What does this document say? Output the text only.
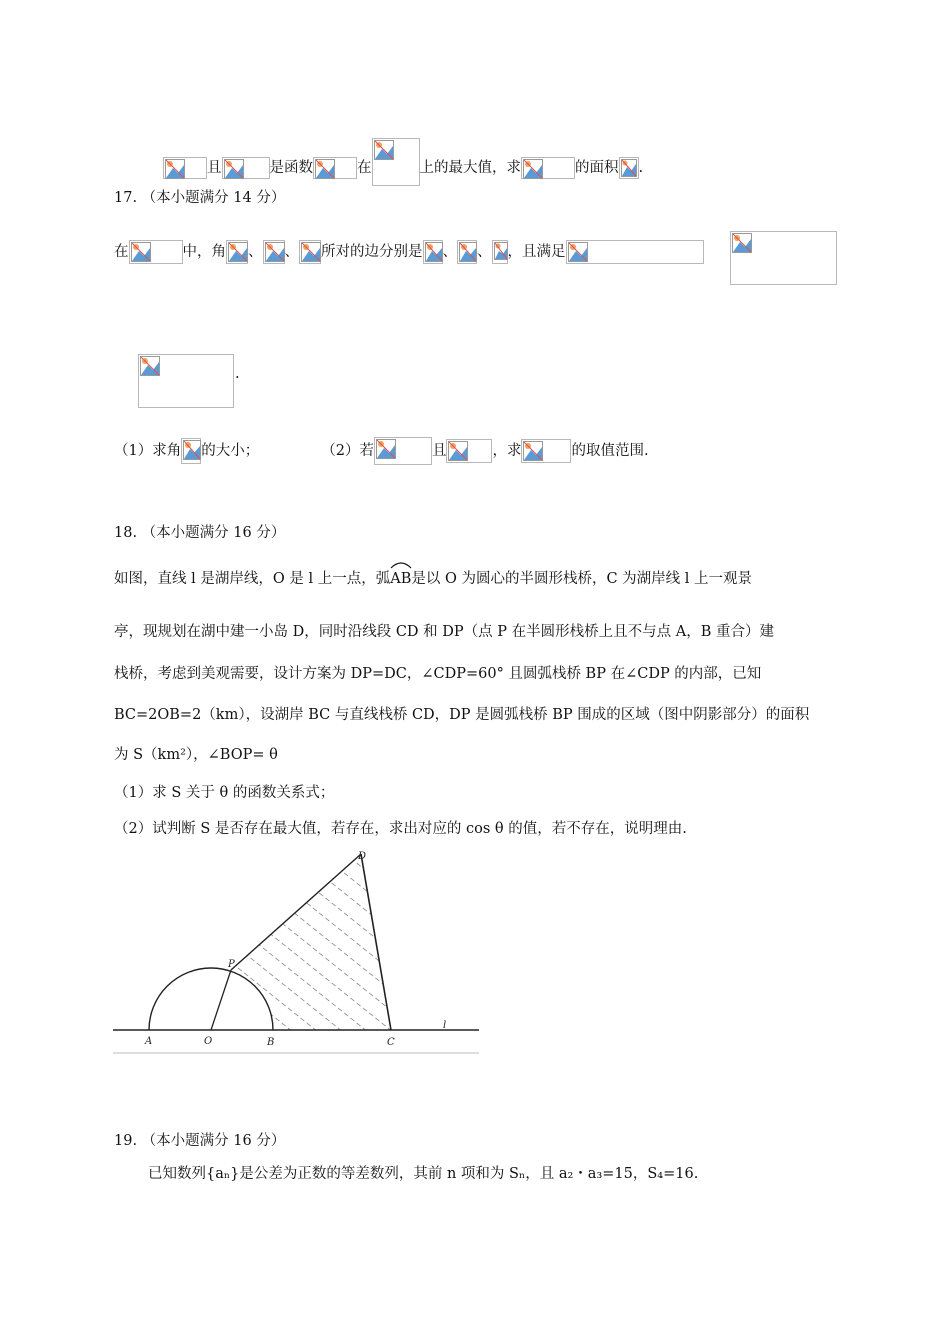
且	是函数	在	上的最大值，求	的面积 .
17. （本小题满分 14 分）
在	中，角 、 、 所对的边分别是 、 、 ，且满足
.
（1）求角 的大小；	（2）若	且	，求	的取值范围.
18. （本小题满分 16 分）
如图，直线 l 是湖岸线，O 是 l 上一点，弧
AB是以 O 为圆心的半圆形栈桥，C 为湖岸线 l 上一观景
亭，现规划在湖中建一小岛 D，同时沿线段 CD 和 DP（点 P 在半圆形栈桥上且不与点 A，B 重合）建
栈桥，考虑到美观需要，设计方案为 DP=DC，∠CDP=60° 且圆弧栈桥 BP 在∠CDP 的内部，已知
BC=2OB=2（km），设湖岸 BC 与直线栈桥 CD，DP 是圆弧栈桥 BP 围成的区域（图中阴影部分）的面积
为 S（km²），∠BOP= θ
（1）求 S 关于 θ 的函数关系式；
（2）试判断 S 是否存在最大值，若存在，求出对应的 cos θ 的值，若不存在，说明理由.
A	O	B	C
D
P
l
19. （本小题满分 16 分）
已知数列{aₙ}是公差为正数的等差数列，其前 n 项和为 Sₙ，且 a₂・a₃=15，S₄=16.
